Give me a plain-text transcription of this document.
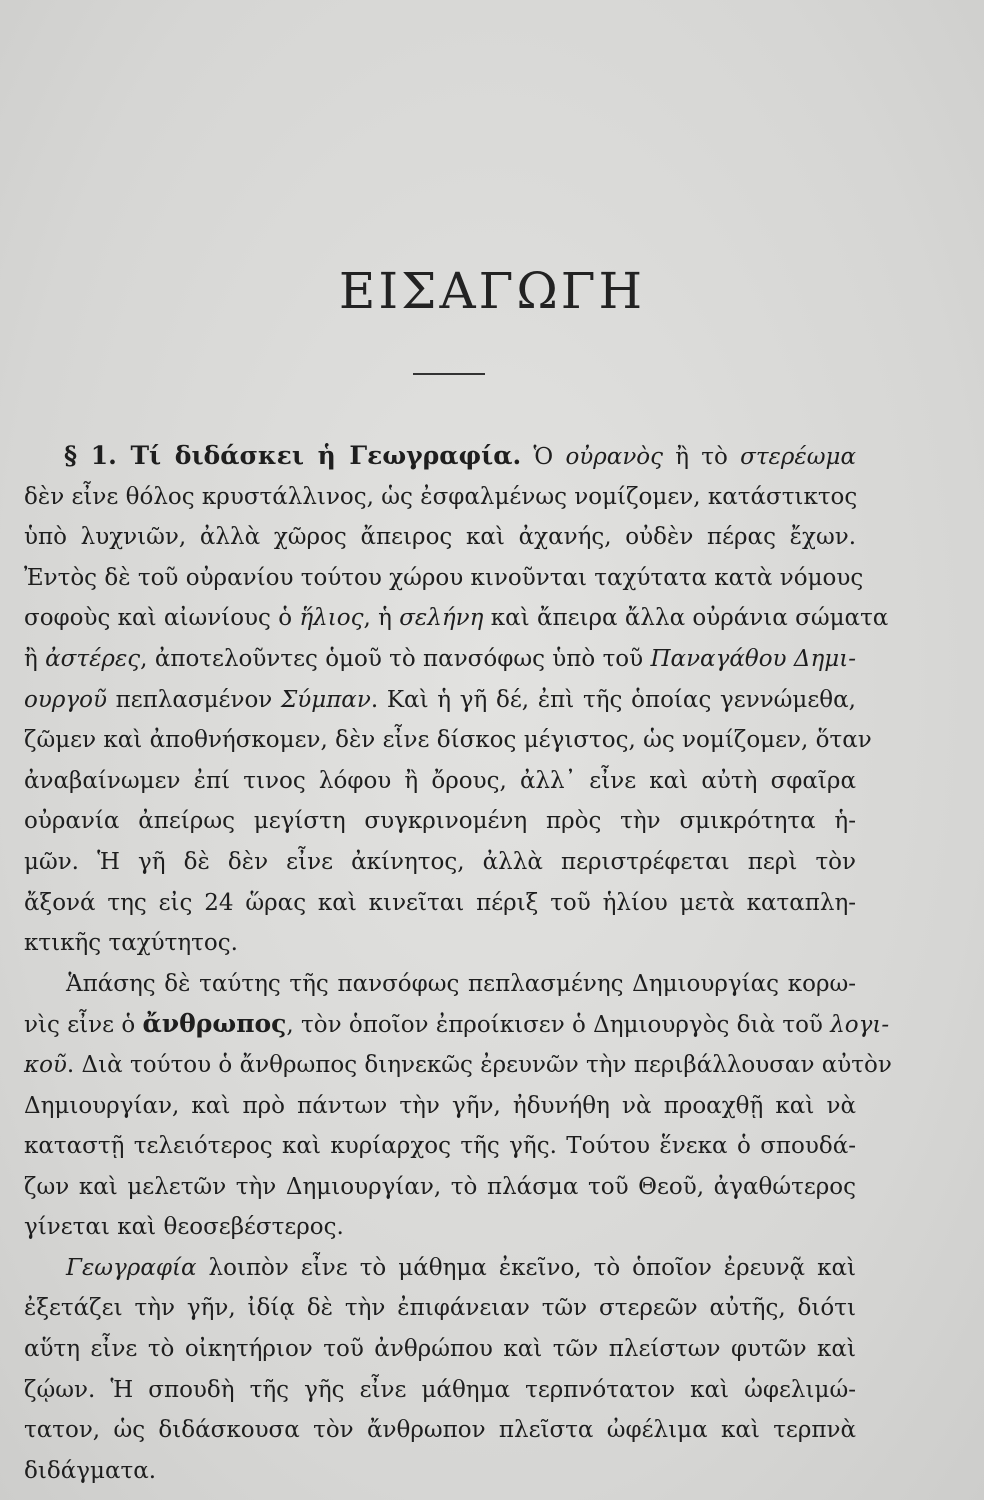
ΕΙΣΑΓΩΓΗ
§ 1. Τί διδάσκει ἡ Γεωγραφία. Ὁ οὐρανὸς ἢ τὸ στερέωμα
δὲν εἶνε θόλος κρυστάλλινος, ὡς ἐσφαλμένως νομίζομεν, κατάστικτος
ὑπὸ λυχνιῶν, ἀλλὰ χῶρος ἄπειρος καὶ ἀχανής, οὐδὲν πέρας ἔχων.
Ἐντὸς δὲ τοῦ οὐρανίου τούτου χώρου κινοῦνται ταχύτατα κατὰ νόμους
σοφοὺς καὶ αἰωνίους ὁ ἥλιος, ἡ σελήνη καὶ ἄπειρα ἄλλα οὐράνια σώματα
ἢ ἀστέρες, ἀποτελοῦντες ὁμοῦ τὸ πανσόφως ὑπὸ τοῦ Παναγάθου Δημι-
ουργοῦ πεπλασμένον Σύμπαν. Καὶ ἡ γῆ δέ, ἐπὶ τῆς ὁποίας γεννώμεθα,
ζῶμεν καὶ ἀποθνήσκομεν, δὲν εἶνε δίσκος μέγιστος, ὡς νομίζομεν, ὅταν
ἀναβαίνωμεν ἐπί τινος λόφου ἢ ὄρους, ἀλλ᾿ εἶνε καὶ αὐτὴ σφαῖρα
οὐρανία ἀπείρως μεγίστη συγκρινομένη πρὸς τὴν σμικρότητα ἡ-
μῶν. Ἡ γῆ δὲ δὲν εἶνε ἀκίνητος, ἀλλὰ περιστρέφεται περὶ τὸν
ἄξονά της εἰς 24 ὥρας καὶ κινεῖται πέριξ τοῦ ἡλίου μετὰ καταπλη-
κτικῆς ταχύτητος.
Ἁπάσης δὲ ταύτης τῆς πανσόφως πεπλασμένης Δημιουργίας κορω-
νὶς εἶνε ὁ ἄνθρωπος, τὸν ὁποῖον ἐπροίκισεν ὁ Δημιουργὸς διὰ τοῦ λογι-
κοῦ. Διὰ τούτου ὁ ἄνθρωπος διηνεκῶς ἐρευνῶν τὴν περιβάλλουσαν αὐτὸν
Δημιουργίαν, καὶ πρὸ πάντων τὴν γῆν, ἠδυνήθη νὰ προαχθῇ καὶ νὰ
καταστῇ τελειότερος καὶ κυρίαρχος τῆς γῆς. Τούτου ἕνεκα ὁ σπουδά-
ζων καὶ μελετῶν τὴν Δημιουργίαν, τὸ πλάσμα τοῦ Θεοῦ, ἀγαθώτερος
γίνεται καὶ θεοσεβέστερος.
Γεωγραφία λοιπὸν εἶνε τὸ μάθημα ἐκεῖνο, τὸ ὁποῖον ἐρευνᾷ καὶ
ἐξετάζει τὴν γῆν, ἰδίᾳ δὲ τὴν ἐπιφάνειαν τῶν στερεῶν αὐτῆς, διότι
αὕτη εἶνε τὸ οἰκητήριον τοῦ ἀνθρώπου καὶ τῶν πλείστων φυτῶν καὶ
ζῴων. Ἡ σπουδὴ τῆς γῆς εἶνε μάθημα τερπνότατον καὶ ὠφελιμώ-
τατον, ὡς διδάσκουσα τὸν ἄνθρωπον πλεῖστα ὠφέλιμα καὶ τερπνὰ
διδάγματα.
